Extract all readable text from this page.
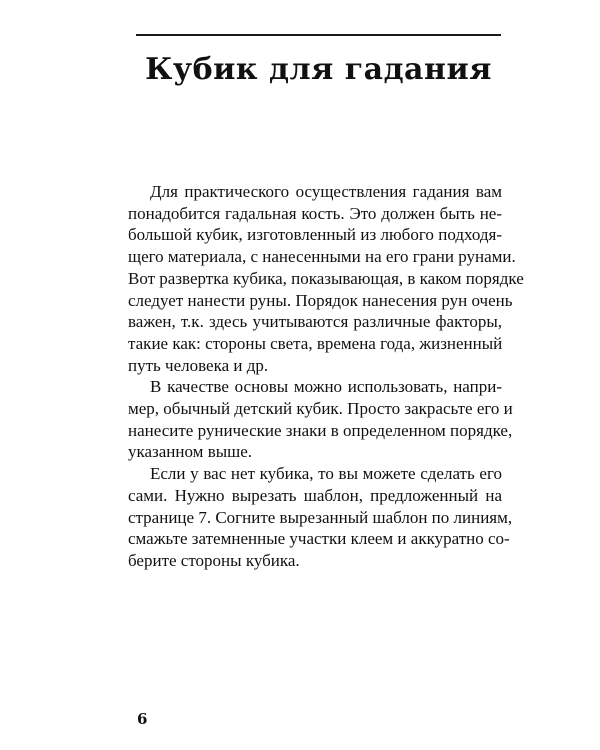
Кубик для гадания

Для практического осуществления гадания вам
понадобится гадальная кость. Это должен быть не-
большой кубик, изготовленный из любого подходя-
щего материала, с нанесенными на его грани рунами.
Вот развертка кубика, показывающая, в каком порядке
следует нанести руны. Порядок нанесения рун очень
важен, т.к. здесь учитываются различные факторы,
такие как: стороны света, времена года, жизненный
путь человека и др.

В качестве основы можно использовать, напри-
мер, обычный детский кубик. Просто закрасьте его и
нанесите рунические знаки в определенном порядке,
указанном выше.

Если у вас нет кубика, то вы можете сделать его
сами. Нужно вырезать шаблон, предложенный на
странице 7. Согните вырезанный шаблон по линиям,
смажьте затемненные участки клеем и аккуратно со-
берите стороны кубика.

6
